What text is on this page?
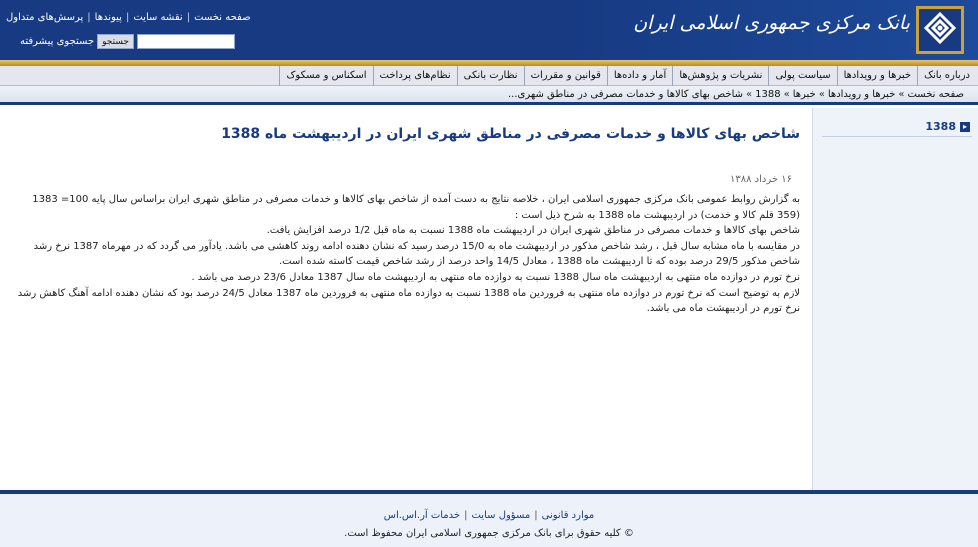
بانک مرکزی جمهوری اسلامی ایران
صفحه نخست|نقشه سایت|پیوندها|پرسش‌های متداول
جستجو
جستجوی پیشرفته
درباره بانک
خبرها و رویدادها
سیاست پولی
نشریات و پژوهش‌ها
آمار و داده‌ها
قوانین و مقررات
نظارت بانکی
نظام‌های پرداخت
اسکناس و مسکوک
صفحه نخست»خبرها و رویدادها»خبرها»1388»شاخص بهای کالاها و خدمات مصرفی در مناطق شهری...
▸
1388
شاخص بهای کالاها و خدمات مصرفی در مناطق شهری ایران در اردیبهشت ماه 1388
۱۶ خرداد ۱۳۸۸

به گزارش روابط عمومی بانک مرکزی جمهوری اسلامی ایران ، خلاصه نتایج به دست آمده از شاخص بهای کالاها و خدمات مصرفی در مناطق شهری ایران براساس سال پایه 100= 1383 (359 قلم کالا و خدمت) در اردیبهشت ماه 1388 به شرح ذیل است :

شاخص بهای کالاها و خدمات مصرفی در مناطق شهری ایران در اردیبهشت ماه 1388 نسبت به ماه قبل 1/2 درصد افزایش یافت.

در مقایسه با ماه مشابه سال قبل ، رشد شاخص مذکور در اردیبهشت ماه به 15/0 درصد رسید که نشان دهنده ادامه روند کاهشی می باشد. یادآور می گردد که در مهرماه 1387 نرخ رشد شاخص مذکور 29/5 درصد بوده که تا اردیبهشت ماه 1388 ، معادل 14/5 واحد درصد از رشد شاخص قیمت کاسته شده است.

نرخ تورم در دوازده ماه منتهی به اردیبهشت ماه سال 1388 نسبت به دوازده ماه منتهی به اردیبهشت ماه سال 1387 معادل 23/6 درصد می باشد .

لازم به توضیح است که نرخ تورم در دوازده ماه منتهی به فروردین ماه 1388 نسبت به دوازده ماه منتهی به فروردین ماه 1387 معادل 24/5 درصد بود که نشان دهنده ادامه آهنگ کاهش رشد نرخ تورم در اردیبهشت ماه می باشد.

موارد قانونی|مسؤول سایت|خدمات آر.اس.اس
© کلیه حقوق برای بانک مرکزی جمهوری اسلامی ایران محفوظ است.
